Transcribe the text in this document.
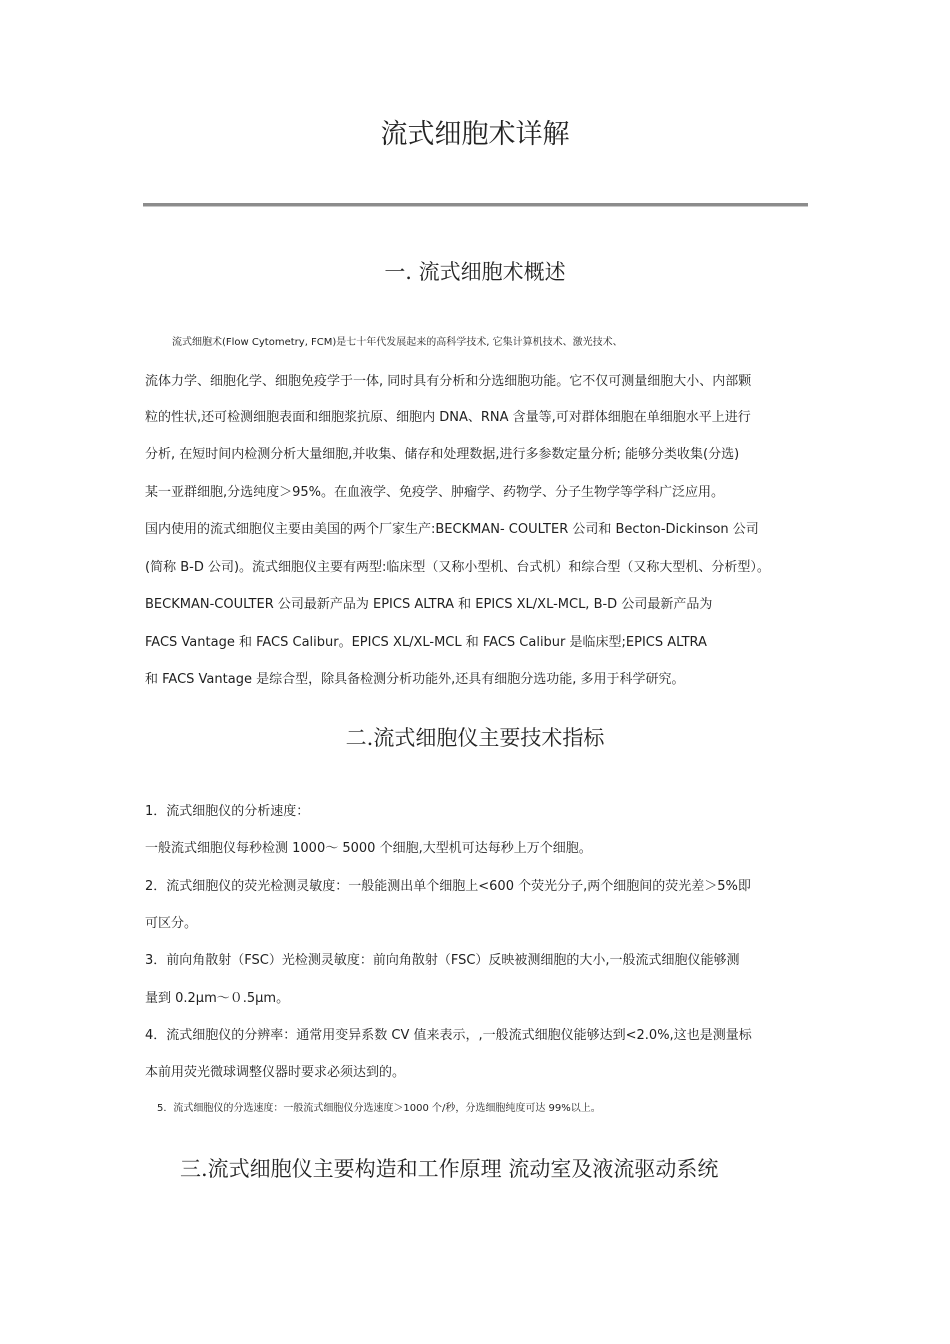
流式细胞术详解
一. 流式细胞术概述
流式细胞术(Flow Cytometry, FCM)是七十年代发展起来的高科学技术, 它集计算机技术、激光技术、
流体力学、细胞化学、细胞免疫学于一体, 同时具有分析和分选细胞功能。它不仅可测量细胞大小、内部颗
粒的性状,还可检测细胞表面和细胞浆抗原、细胞内 DNA、RNA 含量等,可对群体细胞在单细胞水平上进行
分析, 在短时间内检测分析大量细胞,并收集、储存和处理数据,进行多参数定量分析; 能够分类收集(分选)
某一亚群细胞,分选纯度＞95%。在血液学、免疫学、肿瘤学、药物学、分子生物学等学科广泛应用。
国内使用的流式细胞仪主要由美国的两个厂家生产:BECKMAN- COULTER 公司和 Becton-Dickinson 公司
(简称 B-D 公司)。流式细胞仪主要有两型:临床型（又称小型机、台式机）和综合型（又称大型机、分析型）。
BECKMAN-COULTER 公司最新产品为 EPICS ALTRA 和 EPICS XL/XL-MCL, B-D 公司最新产品为
FACS Vantage 和 FACS Calibur。EPICS XL/XL-MCL 和 FACS Calibur 是临床型;EPICS ALTRA
和 FACS Vantage 是综合型，除具备检测分析功能外,还具有细胞分选功能, 多用于科学研究。
二.流式细胞仪主要技术指标
1．流式细胞仪的分析速度：
一般流式细胞仪每秒检测 1000～ 5000 个细胞,大型机可达每秒上万个细胞。
2．流式细胞仪的荧光检测灵敏度：一般能测出单个细胞上<600 个荧光分子,两个细胞间的荧光差＞5%即
可区分。
3．前向角散射（FSC）光检测灵敏度：前向角散射（FSC）反映被测细胞的大小,一般流式细胞仪能够测
量到 0.2μm～０.5μm。
4．流式细胞仪的分辨率：通常用变异系数 CV 值来表示，,一般流式细胞仪能够达到<2.0%,这也是测量标
本前用荧光微球调整仪器时要求必须达到的。
5．流式细胞仪的分选速度：一般流式细胞仪分选速度＞1000 个/秒，分选细胞纯度可达 99%以上。
三.流式细胞仪主要构造和工作原理 流动室及液流驱动系统
